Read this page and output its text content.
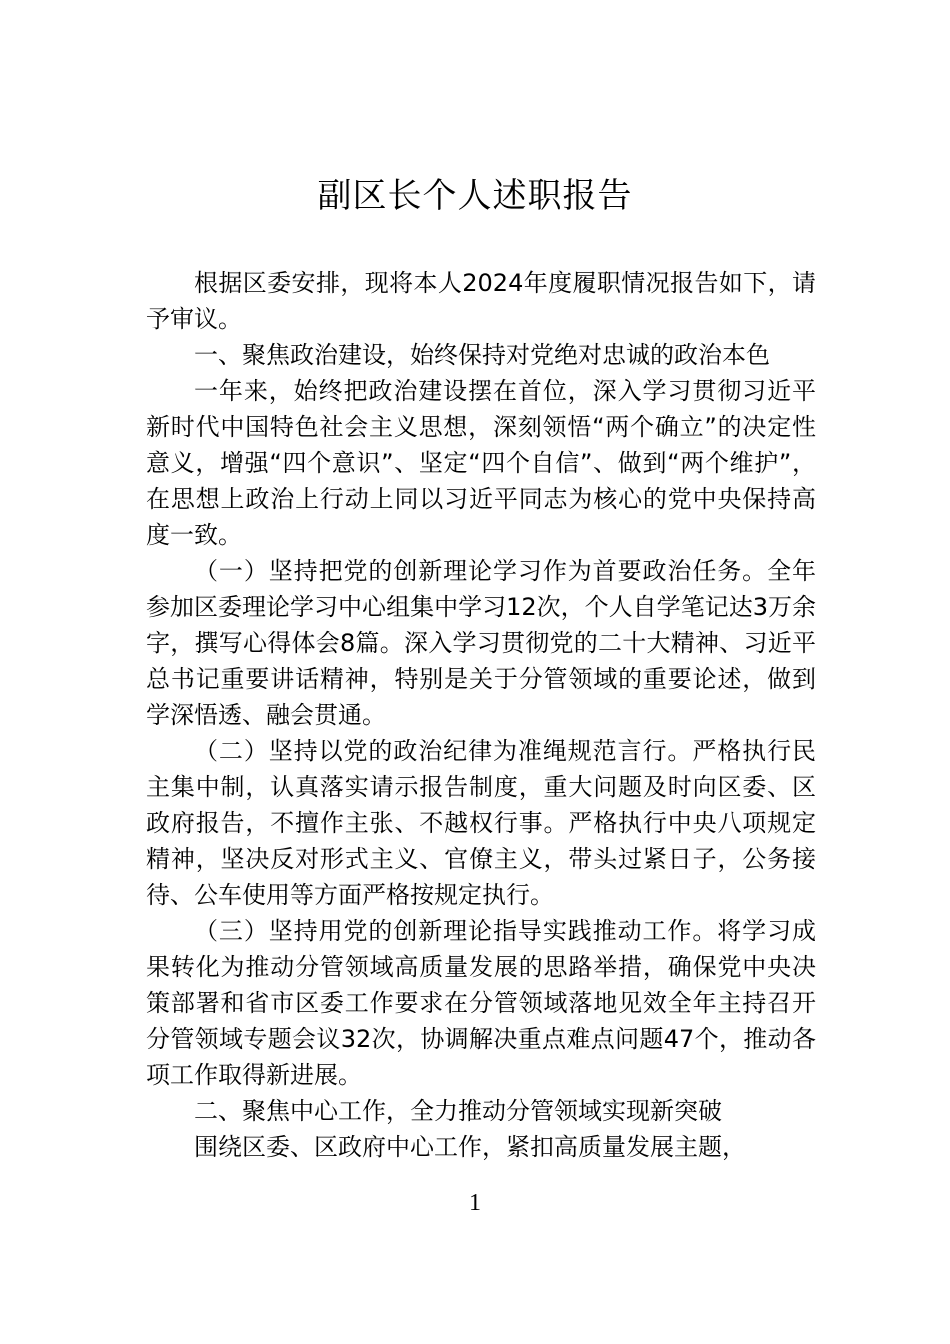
副区长个人述职报告

根据区委安排，现将本人2024年度履职情况报告如下，请予审议。

一、聚焦政治建设，始终保持对党绝对忠诚的政治本色

一年来，始终把政治建设摆在首位，深入学习贯彻习近平新时代中国特色社会主义思想，深刻领悟“两个确立”的决定性意义，增强“四个意识”、坚定“四个自信”、做到“两个维护”，在思想上政治上行动上同以习近平同志为核心的党中央保持高度一致。

（一）坚持把党的创新理论学习作为首要政治任务。全年参加区委理论学习中心组集中学习12次，个人自学笔记达3万余字，撰写心得体会8篇。深入学习贯彻党的二十大精神、习近平总书记重要讲话精神，特别是关于分管领域的重要论述，做到学深悟透、融会贯通。

（二）坚持以党的政治纪律为准绳规范言行。严格执行民主集中制，认真落实请示报告制度，重大问题及时向区委、区政府报告，不擅作主张、不越权行事。严格执行中央八项规定精神，坚决反对形式主义、官僚主义，带头过紧日子，公务接待、公车使用等方面严格按规定执行。

（三）坚持用党的创新理论指导实践推动工作。将学习成果转化为推动分管领域高质量发展的思路举措，确保党中央决策部署和省市区委工作要求在分管领域落地见效全年主持召开分管领域专题会议32次，协调解决重点难点问题47个，推动各项工作取得新进展。

二、聚焦中心工作，全力推动分管领域实现新突破

围绕区委、区政府中心工作，紧扣高质量发展主题，

1
